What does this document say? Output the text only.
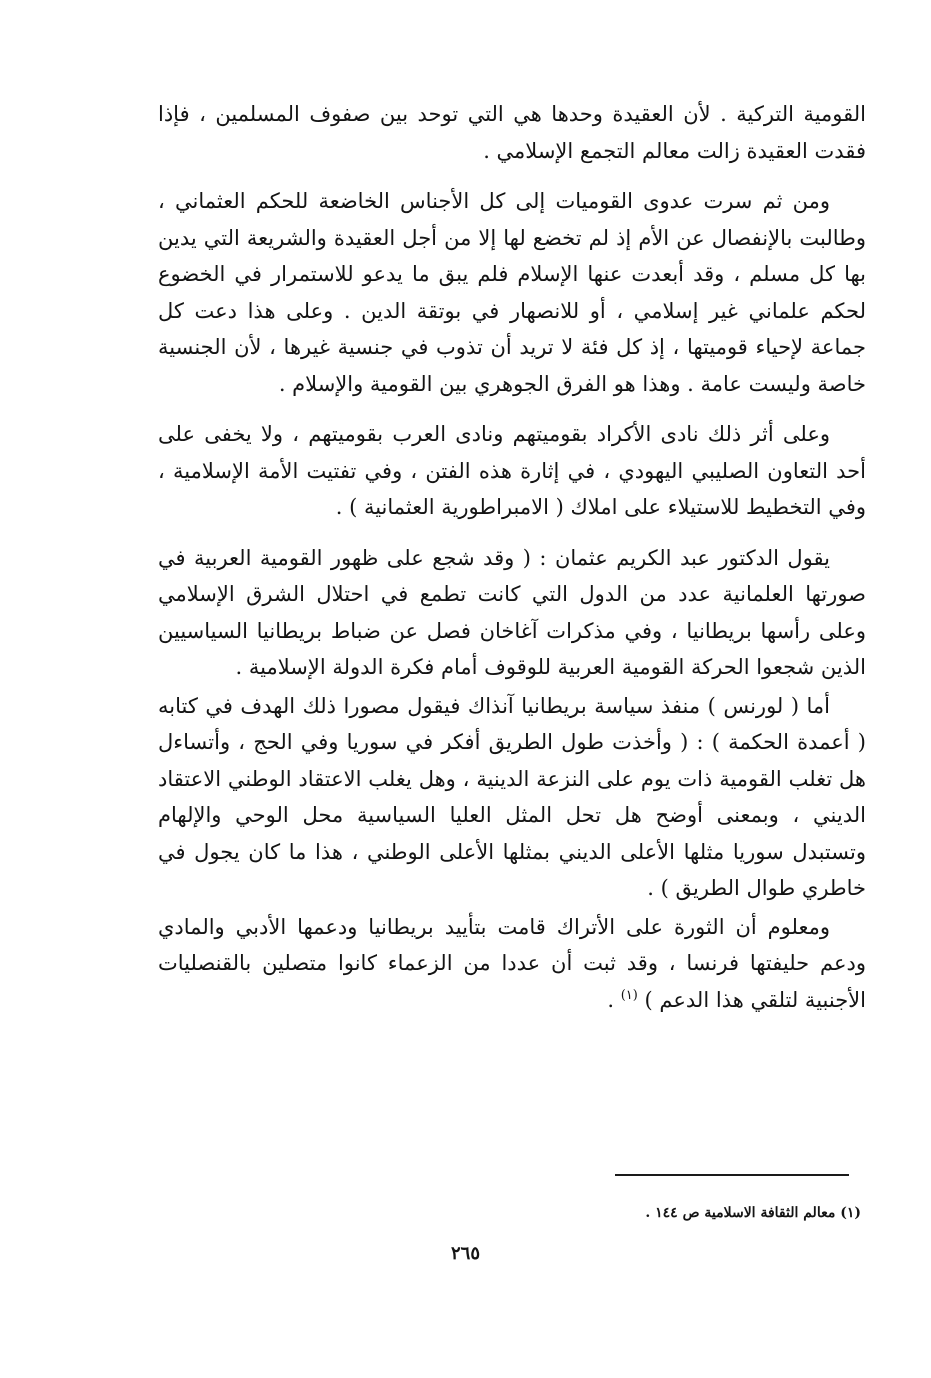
القومية التركية . لأن العقيدة وحدها هي التي توحد بين صفوف المسلمين ، فإذا فقدت العقيدة زالت معالم التجمع الإسلامي .

ومن ثم سرت عدوى القوميات إلى كل الأجناس الخاضعة للحكم العثماني ، وطالبت بالإنفصال عن الأم إذ لم تخضع لها إلا من أجل العقيدة والشريعة التي يدين بها كل مسلم ، وقد أبعدت عنها الإسلام فلم يبق ما يدعو للاستمرار في الخضوع لحكم علماني غير إسلامي ، أو للانصهار في بوتقة الدين . وعلى هذا دعت كل جماعة لإحياء قوميتها ، إذ كل فئة لا تريد أن تذوب في جنسية غيرها ، لأن الجنسية خاصة وليست عامة . وهذا هو الفرق الجوهري بين القومية والإسلام .

وعلى أثر ذلك نادى الأكراد بقوميتهم ونادى العرب بقوميتهم ، ولا يخفى على أحد التعاون الصليبي اليهودي ، في إثارة هذه الفتن ، وفي تفتيت الأمة الإسلامية ، وفي التخطيط للاستيلاء على املاك ( الامبراطورية العثمانية ) .

يقول الدكتور عبد الكريم عثمان : ( وقد شجع على ظهور القومية العربية في صورتها العلمانية عدد من الدول التي كانت تطمع في احتلال الشرق الإسلامي وعلى رأسها بريطانيا ، وفي مذكرات آغاخان فصل عن ضباط بريطانيا السياسيين الذين شجعوا الحركة القومية العربية للوقوف أمام فكرة الدولة الإسلامية .

أما ( لورنس ) منفذ سياسة بريطانيا آنذاك فيقول مصورا ذلك الهدف في كتابه ( أعمدة الحكمة ) : ( وأخذت طول الطريق أفكر في سوريا وفي الحج ، وأتساءل هل تغلب القومية ذات يوم على النزعة الدينية ، وهل يغلب الاعتقاد الوطني الاعتقاد الديني ، وبمعنى أوضح هل تحل المثل العليا السياسية محل الوحي والإلهام وتستبدل سوريا مثلها الأعلى الديني بمثلها الأعلى الوطني ، هذا ما كان يجول في خاطري طوال الطريق ) .

ومعلوم أن الثورة على الأتراك قامت بتأييد بريطانيا ودعمها الأدبي والمادي ودعم حليفتها فرنسا ، وقد ثبت أن عددا من الزعماء كانوا متصلين بالقنصليات الأجنبية لتلقي هذا الدعم ) $^{(١)}$ .

(١) معالم الثقافة الاسلامية ص ١٤٤ .
٢٦٥
